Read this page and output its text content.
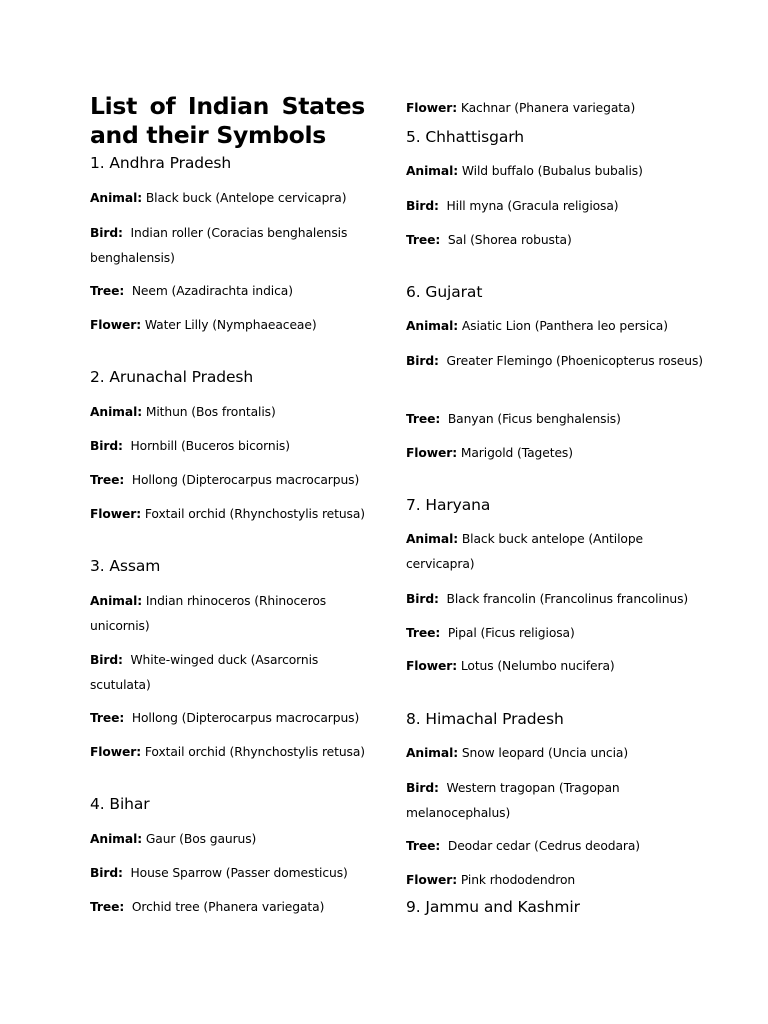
List of Indian States and their Symbols
1. Andhra Pradesh
Animal: Black buck (Antelope cervicapra)
Bird: Indian roller (Coracias benghalensis benghalensis)
Tree: Neem (Azadirachta indica)
Flower: Water Lilly (Nymphaeaceae)
2. Arunachal Pradesh
Animal: Mithun (Bos frontalis)
Bird: Hornbill (Buceros bicornis)
Tree: Hollong (Dipterocarpus macrocarpus)
Flower: Foxtail orchid (Rhynchostylis retusa)
3. Assam
Animal: Indian rhinoceros (Rhinoceros unicornis)
Bird: White-winged duck (Asarcornis scutulata)
Tree: Hollong (Dipterocarpus macrocarpus)
Flower: Foxtail orchid (Rhynchostylis retusa)
4. Bihar
Animal: Gaur (Bos gaurus)
Bird: House Sparrow (Passer domesticus)
Tree: Orchid tree (Phanera variegata)
Flower: Kachnar (Phanera variegata)
5. Chhattisgarh
Animal: Wild buffalo (Bubalus bubalis)
Bird: Hill myna (Gracula religiosa)
Tree: Sal (Shorea robusta)
6. Gujarat
Animal: Asiatic Lion (Panthera leo persica)
Bird: Greater Flemingo (Phoenicopterus roseus)
Tree: Banyan (Ficus benghalensis)
Flower: Marigold (Tagetes)
7. Haryana
Animal: Black buck antelope (Antilope cervicapra)
Bird: Black francolin (Francolinus francolinus)
Tree: Pipal (Ficus religiosa)
Flower: Lotus (Nelumbo nucifera)
8. Himachal Pradesh
Animal: Snow leopard (Uncia uncia)
Bird: Western tragopan (Tragopan melanocephalus)
Tree: Deodar cedar (Cedrus deodara)
Flower: Pink rhododendron
9. Jammu and Kashmir
